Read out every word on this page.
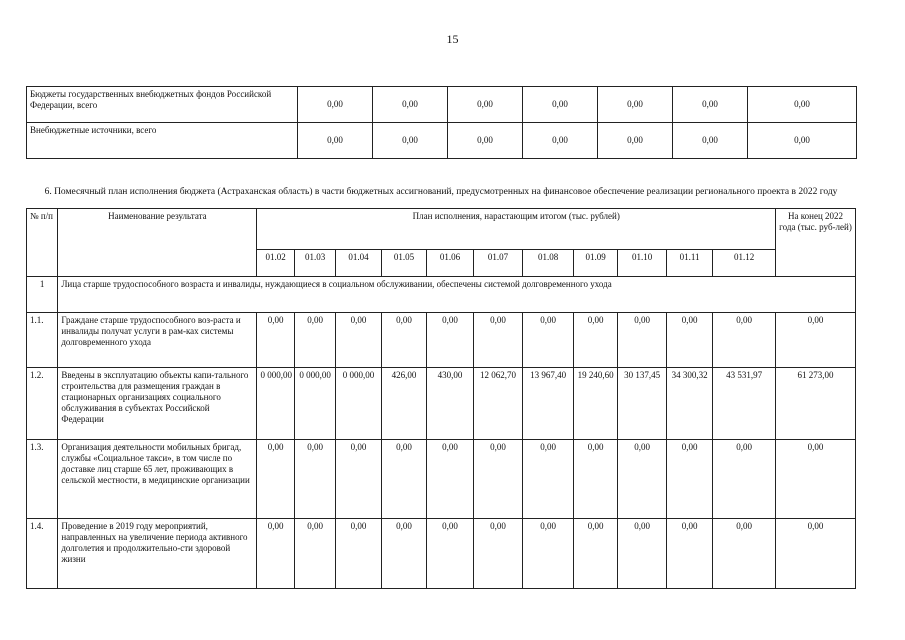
15
Бюджеты государственных внебюджетных фондов Российской Федерации, всего	0,00	0,00	0,00	0,00	0,00	0,00	0,00
Внебюджетные источники, всего	0,00	0,00	0,00	0,00	0,00	0,00	0,00
6. Помесячный план исполнения бюджета (Астраханская область) в части бюджетных ассигнований, предусмотренных на финансовое обеспечение реализации регионального проекта в 2022 году
№ п/п	Наименование результата	План исполнения, нарастающим итогом (тыс. рублей)											На конец 2022 года (тыс. руб-лей)
		01.02	01.03	01.04	01.05	01.06	01.07	01.08	01.09	01.10	01.11	01.12	
1	Лица старше трудоспособного возраста и инвалиды, нуждающиеся в социальном обслуживании, обеспечены системой долговременного ухода												
1.1.	Граждане старше трудоспособного воз-раста и инвалиды получат услуги в рам-ках системы долговременного ухода	0,00	0,00	0,00	0,00	0,00	0,00	0,00	0,00	0,00	0,00	0,00	0,00
1.2.	Введены в эксплуатацию объекты капи-тального строительства для размещения граждан в стационарных организациях социального обслуживания в субъектах Российской Федерации	0 000,00	0 000,00	0 000,00	426,00	430,00	12 062,70	13 967,40	19 240,60	30 137,45	34 300,32	43 531,97	61 273,00
1.3.	Организация деятельности мобильных бригад, службы «Социальное такси», в том числе по доставке лиц старше 65 лет, проживающих в сельской местности, в медицинские организации	0,00	0,00	0,00	0,00	0,00	0,00	0,00	0,00	0,00	0,00	0,00	0,00
1.4.	Проведение в 2019 году мероприятий, направленных на увеличение периода активного долголетия и продолжительно-сти здоровой жизни	0,00	0,00	0,00	0,00	0,00	0,00	0,00	0,00	0,00	0,00	0,00	0,00
